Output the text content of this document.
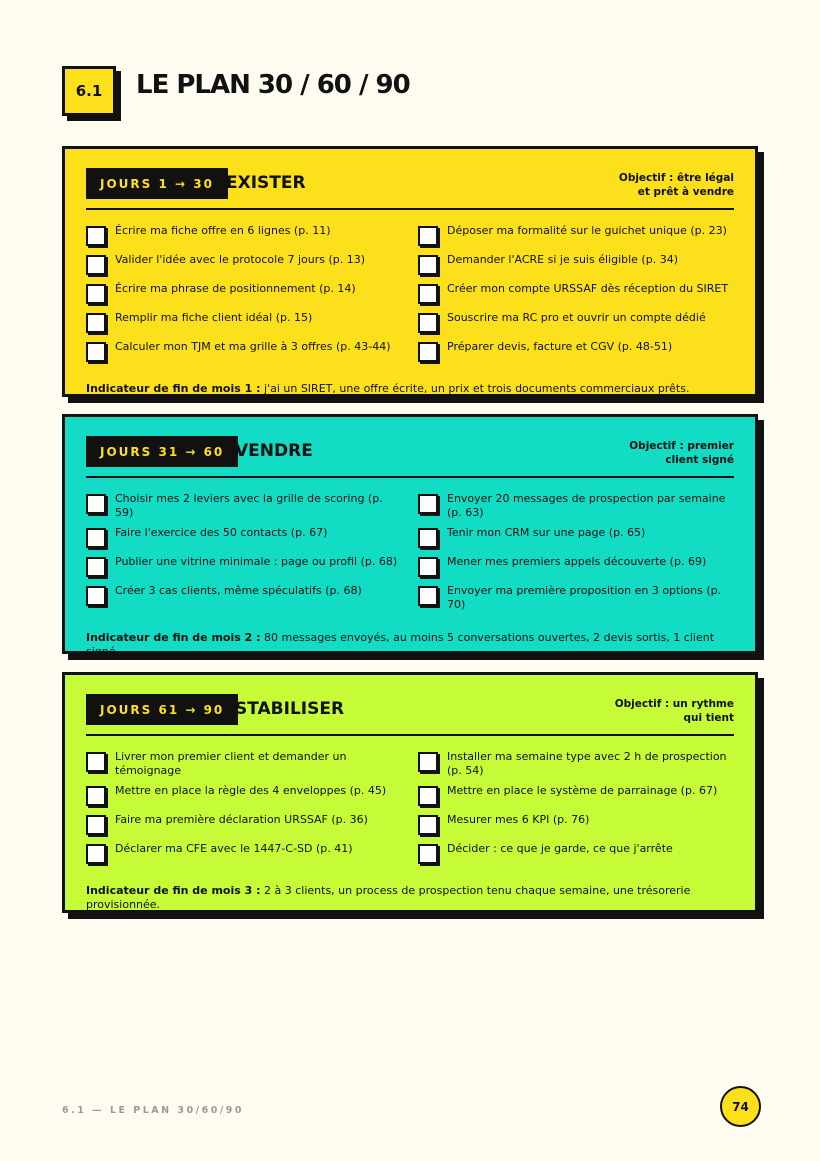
6.1	LE PLAN 30 / 60 / 90
JOURS 1 → 30 EXISTER	Objectif : être légal
et prêt à vendre
Écrire ma fiche offre en 6 lignes (p. 11)
Valider l'idée avec le protocole 7 jours (p. 13)
Écrire ma phrase de positionnement (p. 14)
Remplir ma fiche client idéal (p. 15)
Calculer mon TJM et ma grille à 3 offres (p. 43-44)
Déposer ma formalité sur le guichet unique (p. 23)
Demander l'ACRE si je suis éligible (p. 34)
Créer mon compte URSSAF dès réception du SIRET
Souscrire ma RC pro et ouvrir un compte dédié
Préparer devis, facture et CGV (p. 48-51)
Indicateur de fin de mois 1 : j'ai un SIRET, une offre écrite, un prix et trois documents commerciaux prêts.
JOURS 31 → 60 VENDRE	Objectif : premier
client signé
Choisir mes 2 leviers avec la grille de scoring (p. 59)
Faire l'exercice des 50 contacts (p. 67)
Publier une vitrine minimale : page ou profil (p. 68)
Créer 3 cas clients, même spéculatifs (p. 68)
Envoyer 20 messages de prospection par semaine (p. 63)
Tenir mon CRM sur une page (p. 65)
Mener mes premiers appels découverte (p. 69)
Envoyer ma première proposition en 3 options (p. 70)
Indicateur de fin de mois 2 : 80 messages envoyés, au moins 5 conversations ouvertes, 2 devis sortis, 1 client signé.
JOURS 61 → 90 STABILISER	Objectif : un rythme
qui tient
Livrer mon premier client et demander un témoignage
Mettre en place la règle des 4 enveloppes (p. 45)
Faire ma première déclaration URSSAF (p. 36)
Déclarer ma CFE avec le 1447-C-SD (p. 41)
Installer ma semaine type avec 2 h de prospection (p. 54)
Mettre en place le système de parrainage (p. 67)
Mesurer mes 6 KPI (p. 76)
Décider : ce que je garde, ce que j'arrête
Indicateur de fin de mois 3 : 2 à 3 clients, un process de prospection tenu chaque semaine, une trésorerie provisionnée.
6.1 — LE PLAN 30/60/90	74
